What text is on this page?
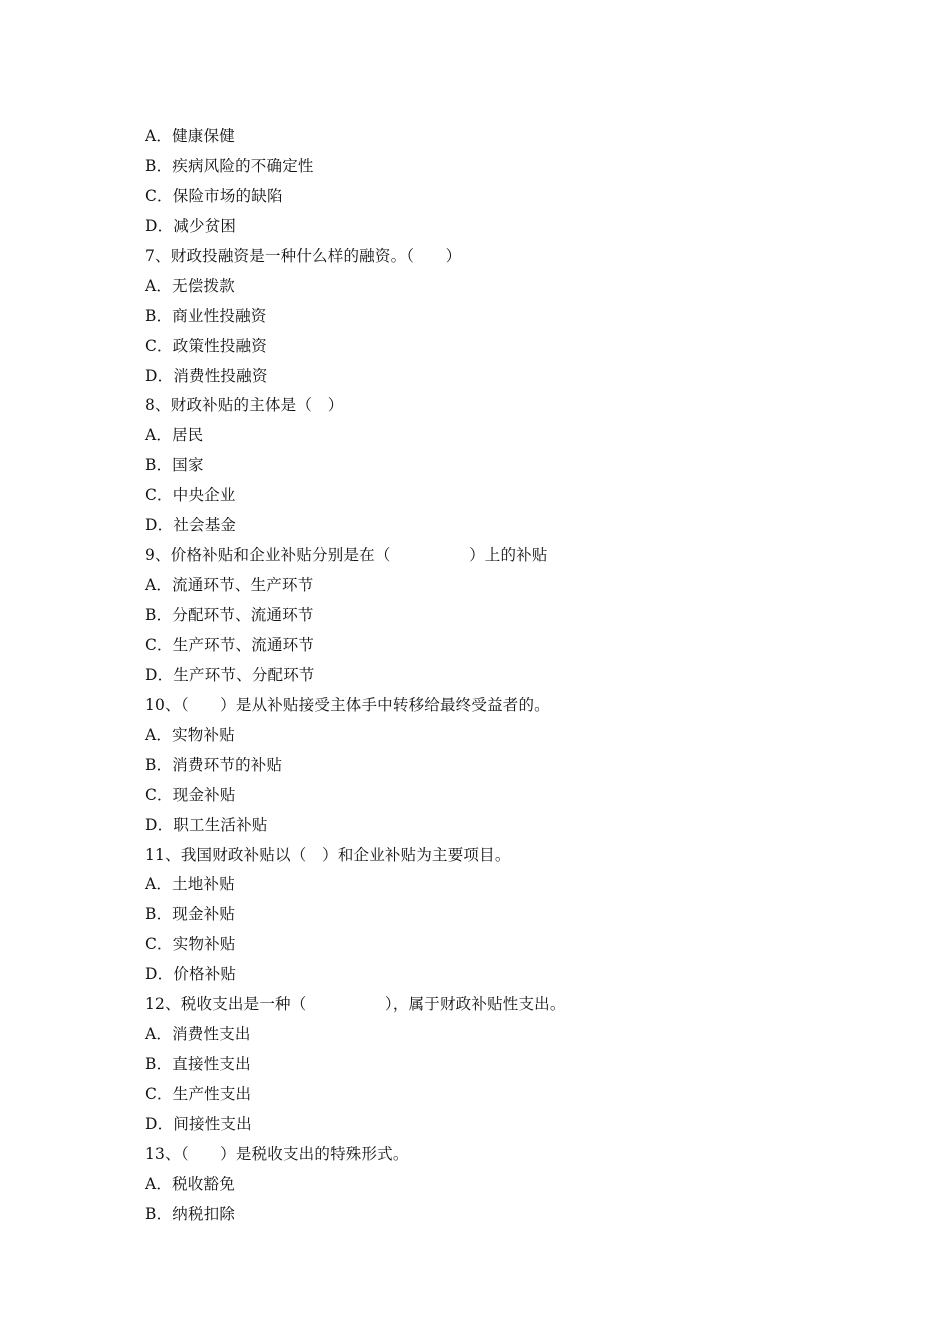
A．健康保健
B．疾病风险的不确定性
C．保险市场的缺陷
D．减少贫困
7、财政投融资是一种什么样的融资。（　　）
A．无偿拨款
B．商业性投融资
C．政策性投融资
D．消费性投融资
8、财政补贴的主体是（　）
A．居民
B．国家
C．中央企业
D．社会基金
9、价格补贴和企业补贴分别是在（　　　　　）上的补贴
A．流通环节、生产环节
B．分配环节、流通环节
C．生产环节、流通环节
D．生产环节、分配环节
10、（　　）是从补贴接受主体手中转移给最终受益者的。
A．实物补贴
B．消费环节的补贴
C．现金补贴
D．职工生活补贴
11、我国财政补贴以（　）和企业补贴为主要项目。
A．土地补贴
B．现金补贴
C．实物补贴
D．价格补贴
12、税收支出是一种（　　　　　），属于财政补贴性支出。
A．消费性支出
B．直接性支出
C．生产性支出
D．间接性支出
13、（　　）是税收支出的特殊形式。
A．税收豁免
B．纳税扣除
